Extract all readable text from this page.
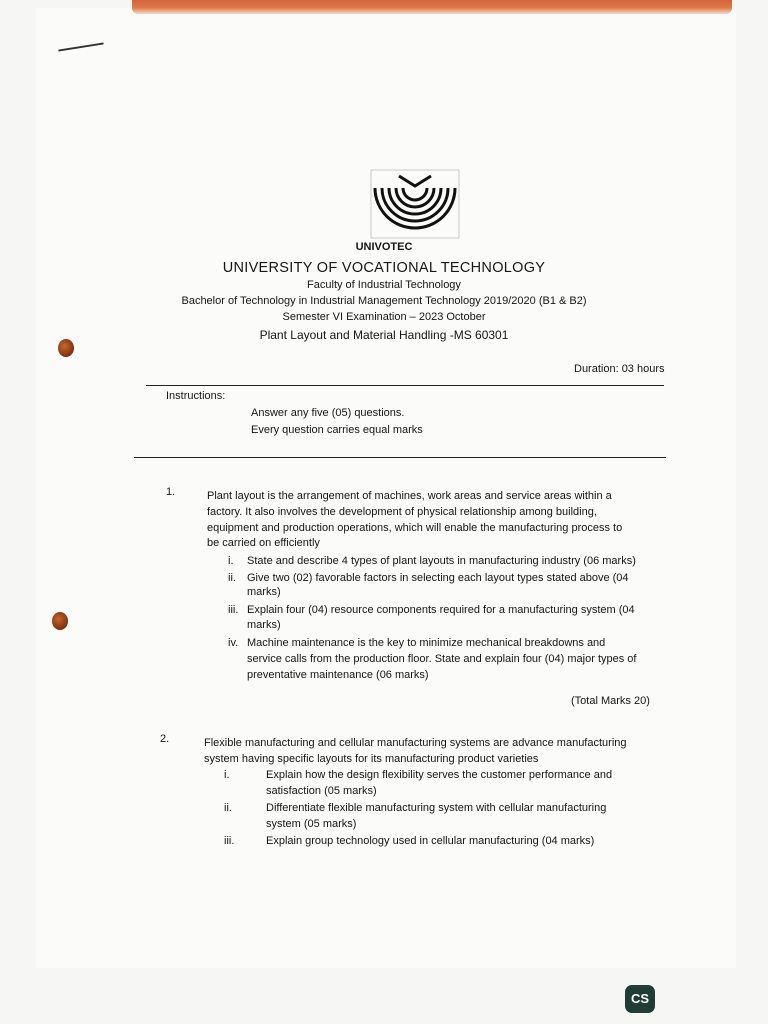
UNIVOTEC
UNIVERSITY OF VOCATIONAL TECHNOLOGY
Faculty of Industrial Technology
Bachelor of Technology in Industrial Management Technology 2019/2020 (B1 & B2)
Semester VI Examination – 2023 October
Plant Layout and Material Handling -MS 60301
Duration: 03 hours
Instructions:
Answer any five (05) questions.
Every question carries equal marks
1.	Plant layout is the arrangement of machines, work areas and service areas within a
factory. It also involves the development of physical relationship among building,
equipment and production operations, which will enable the manufacturing process to
be carried on efficiently
i. State and describe 4 types of plant layouts in manufacturing industry (06 marks)
ii. Give two (02) favorable factors in selecting each layout types stated above (04
marks)
iii. Explain four (04) resource components required for a manufacturing system (04
marks)
iv. Machine maintenance is the key to minimize mechanical breakdowns and
service calls from the production floor. State and explain four (04) major types of
preventative maintenance (06 marks)
(Total Marks 20)
2.	Flexible manufacturing and cellular manufacturing systems are advance manufacturing
system having specific layouts for its manufacturing product varieties
i.	Explain how the design flexibility serves the customer performance and
satisfaction (05 marks)
ii.	Differentiate flexible manufacturing system with cellular manufacturing
system (05 marks)
iii.	Explain group technology used in cellular manufacturing (04 marks)
CS
